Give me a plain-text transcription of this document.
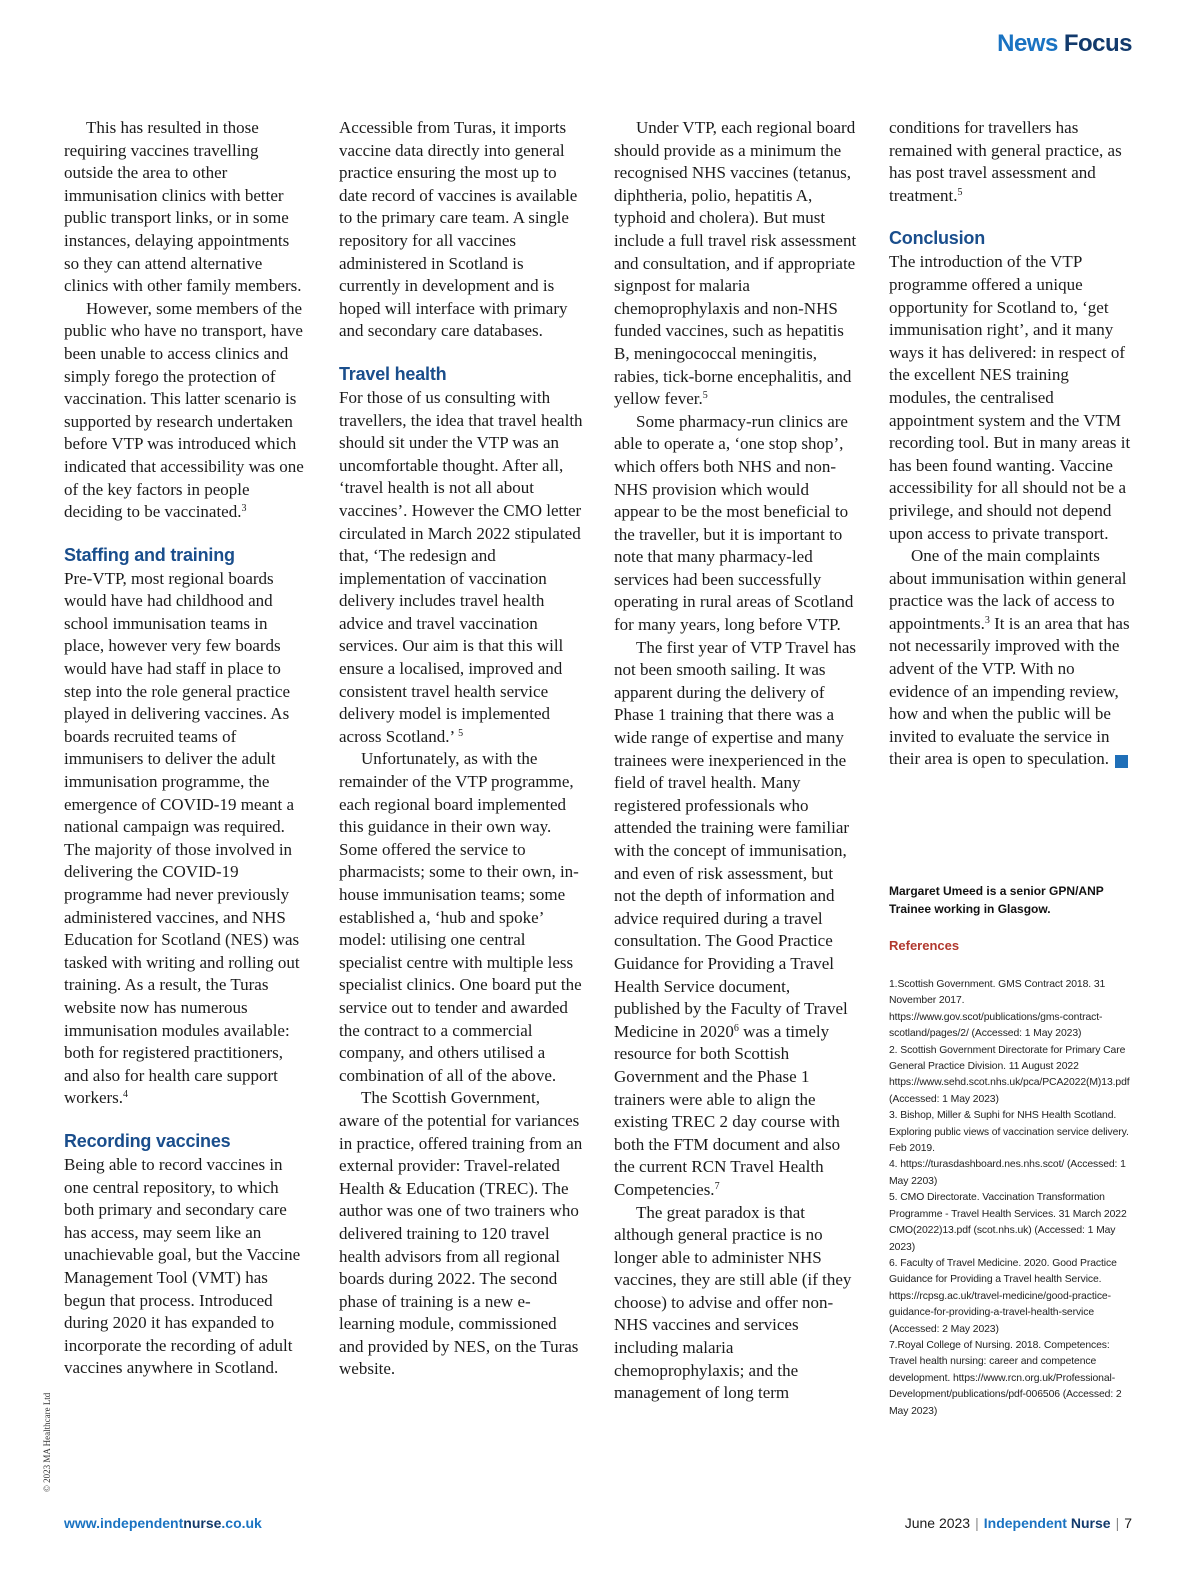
News Focus

This has resulted in those requiring vaccines travelling outside the area to other immunisation clinics with better public transport links, or in some instances, delaying appointments so they can attend alternative clinics with other family members.

However, some members of the public who have no transport, have been unable to access clinics and simply forego the protection of vaccination. This latter scenario is supported by research undertaken before VTP was introduced which indicated that accessibility was one of the key factors in people deciding to be vaccinated.$^3$

Staffing and training

Pre-VTP, most regional boards would have had childhood and school immunisation teams in place, however very few boards would have had staff in place to step into the role general practice played in delivering vaccines. As boards recruited teams of immunisers to deliver the adult immunisation programme, the emergence of COVID-19 meant a national campaign was required.

The majority of those involved in delivering the COVID-19 programme had never previously administered vaccines, and NHS Education for Scotland (NES) was tasked with writing and rolling out training. As a result, the Turas website now has numerous immunisation modules available: both for registered practitioners, and also for health care support workers.$^4$

Recording vaccines

Being able to record vaccines in one central repository, to which both primary and secondary care has access, may seem like an unachievable goal, but the Vaccine Management Tool (VMT) has begun that process. Introduced during 2020 it has expanded to incorporate the recording of adult vaccines anywhere in Scotland.

Accessible from Turas, it imports vaccine data directly into general practice ensuring the most up to date record of vaccines is available to the primary care team. A single repository for all vaccines administered in Scotland is currently in development and is hoped will interface with primary and secondary care databases.

Travel health

For those of us consulting with travellers, the idea that travel health should sit under the VTP was an uncomfortable thought. After all, ‘travel health is not all about vaccines’. However the CMO letter circulated in March 2022 stipulated that, ‘The redesign and implementation of vaccination delivery includes travel health advice and travel vaccination services. Our aim is that this will ensure a localised, improved and consistent travel health service delivery model is implemented across Scotland.’ $^5$

Unfortunately, as with the remainder of the VTP programme, each regional board implemented this guidance in their own way. Some offered the service to pharmacists; some to their own, in-house immunisation teams; some established a, ‘hub and spoke’ model: utilising one central specialist centre with multiple less specialist clinics. One board put the service out to tender and awarded the contract to a commercial company, and others utilised a combination of all of the above.

The Scottish Government, aware of the potential for variances in practice, offered training from an external provider: Travel-related Health & Education (TREC). The author was one of two trainers who delivered training to 120 travel health advisors from all regional boards during 2022. The second phase of training is a new e-learning module, commissioned and provided by NES, on the Turas website.

Under VTP, each regional board should provide as a minimum the recognised NHS vaccines (tetanus, diphtheria, polio, hepatitis A, typhoid and cholera). But must include a full travel risk assessment and consultation, and if appropriate signpost for malaria chemoprophylaxis and non-NHS funded vaccines, such as hepatitis B, meningococcal meningitis, rabies, tick-borne encephalitis, and yellow fever.$^5$

Some pharmacy-run clinics are able to operate a, ‘one stop shop’, which offers both NHS and non-NHS provision which would appear to be the most beneficial to the traveller, but it is important to note that many pharmacy-led services had been successfully operating in rural areas of Scotland for many years, long before VTP.

The first year of VTP Travel has not been smooth sailing. It was apparent during the delivery of Phase 1 training that there was a wide range of expertise and many trainees were inexperienced in the field of travel health. Many registered professionals who attended the training were familiar with the concept of immunisation, and even of risk assessment, but not the depth of information and advice required during a travel consultation. The Good Practice Guidance for Providing a Travel Health Service document, published by the Faculty of Travel Medicine in 2020$^6$ was a timely resource for both Scottish Government and the Phase 1 trainers were able to align the existing TREC 2 day course with both the FTM document and also the current RCN Travel Health Competencies.$^7$

The great paradox is that although general practice is no longer able to administer NHS vaccines, they are still able (if they choose) to advise and offer non-NHS vaccines and services including malaria chemoprophylaxis; and the management of long term

conditions for travellers has remained with general practice, as has post travel assessment and treatment.$^5$

Conclusion

The introduction of the VTP programme offered a unique opportunity for Scotland to, ‘get immunisation right’, and it many ways it has delivered: in respect of the excellent NES training modules, the centralised appointment system and the VTM recording tool. But in many areas it has been found wanting. Vaccine accessibility for all should not be a privilege, and should not depend upon access to private transport.

One of the main complaints about immunisation within general practice was the lack of access to appointments.$^3$ It is an area that has not necessarily improved with the advent of the VTP. With no evidence of an impending review, how and when the public will be invited to evaluate the service in their area is open to speculation.	IN

Margaret Umeed is a senior GPN/ANP Trainee working in Glasgow.
References
1.Scottish Government. GMS Contract 2018. 31 November 2017. https://www.gov.scot/publications/gms-contract-scotland/pages/2/ (Accessed: 1 May 2023)
2. Scottish Government Directorate for Primary Care General Practice Division. 11 August 2022 https://www.sehd.scot.nhs.uk/pca/PCA2022(M)13.pdf (Accessed: 1 May 2023)
3. Bishop, Miller & Suphi for NHS Health Scotland. Exploring public views of vaccination service delivery. Feb 2019.
4. https://turasdashboard.nes.nhs.scot/ (Accessed: 1 May 2203)
5. CMO Directorate. Vaccination Transformation Programme - Travel Health Services. 31 March 2022 CMO(2022)13.pdf (scot.nhs.uk) (Accessed: 1 May 2023)
6. Faculty of Travel Medicine. 2020. Good Practice Guidance for Providing a Travel health Service. https://rcpsg.ac.uk/travel-medicine/good-practice-guidance-for-providing-a-travel-health-service (Accessed: 2 May 2023)
7.Royal College of Nursing. 2018. Competences: Travel health nursing: career and competence development. https://www.rcn.org.uk/Professional-Development/publications/pdf-006506 (Accessed: 2 May 2023)
© 2023 MA Healthcare Ltd
www.independentnurse.co.uk	June 2023 | Independent Nurse | 7
